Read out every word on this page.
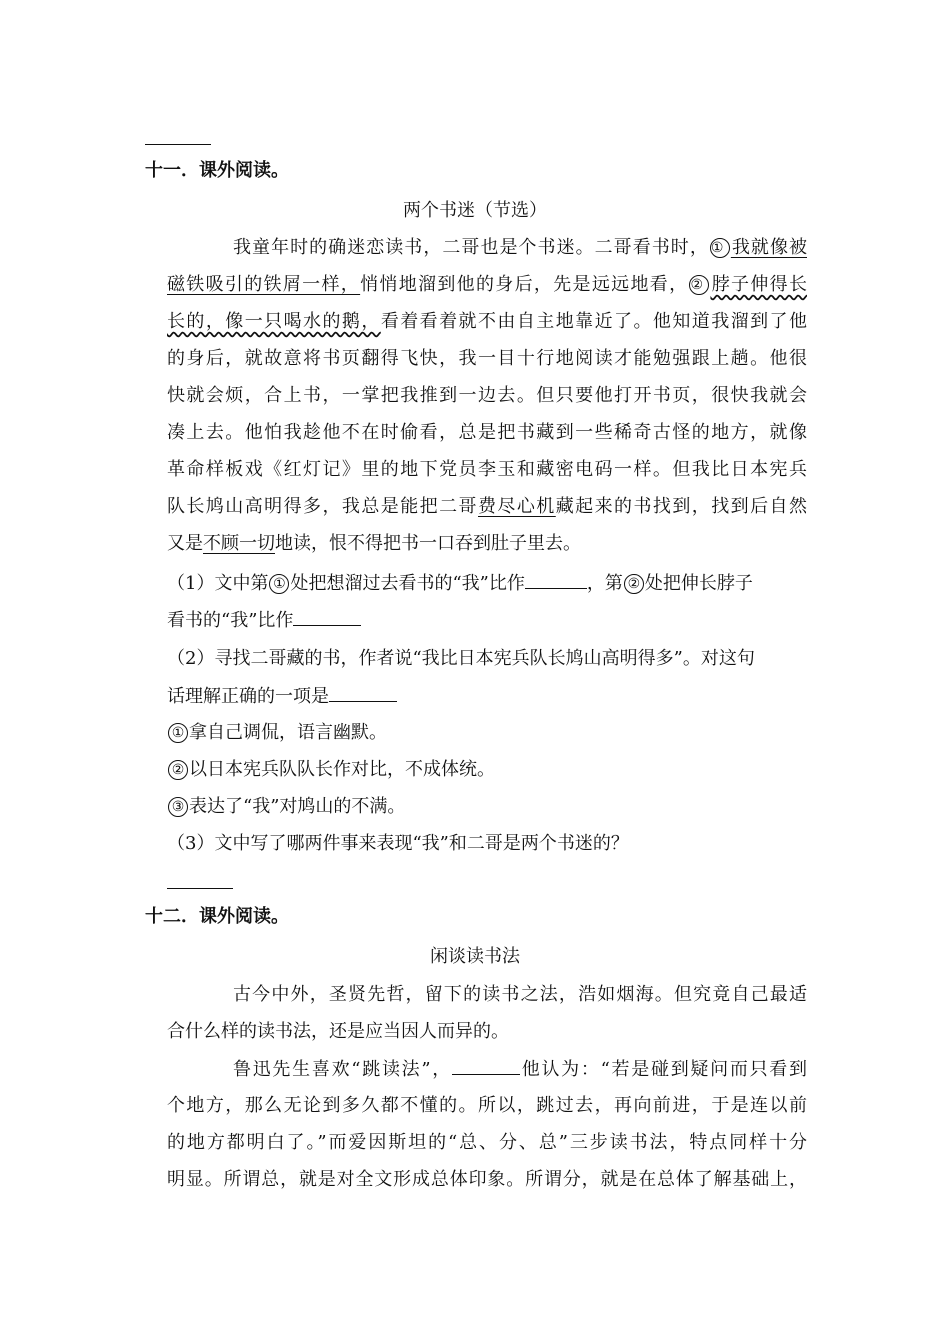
十一．课外阅读。
两个书迷（节选）
我童年时的确迷恋读书，二哥也是个书迷。二哥看书时， ① 我就像被
磁铁吸引的铁屑一样，悄悄地溜到他的身后，先是远远地看， ② 脖子伸得长
长的，像一只喝水的鹅，看着看着就不由自主地靠近了。他知道我溜到了他
的身后，就故意将书页翻得飞快，我一目十行地阅读才能勉强跟上趟。他很
快就会烦，合上书，一掌把我推到一边去。但只要他打开书页，很快我就会
凑上去。他怕我趁他不在时偷看，总是把书藏到一些稀奇古怪的地方，就像
革命样板戏《红灯记》里的地下党员李玉和藏密电码一样。但我比日本宪兵
队长鸠山高明得多，我总是能把二哥费尽心机藏起来的书找到，找到后自然
又是不顾一切地读，恨不得把书一口吞到肚子里去。
（1）文中第 ① 处把想溜过去看书的“我”比作	，第 ② 处把伸长脖子
看书的“我”比作
（2）寻找二哥藏的书，作者说“我比日本宪兵队长鸠山高明得多”。对这句
话理解正确的一项是
① 拿自己调侃，语言幽默。
② 以日本宪兵队队长作对比，不成体统。
③ 表达了“我”对鸠山的不满。
（3）文中写了哪两件事来表现“我”和二哥是两个书迷的？
十二．课外阅读。
闲谈读书法
古今中外，圣贤先哲，留下的读书之法，浩如烟海。但究竟自己最适
合什么样的读书法，还是应当因人而异的。
鲁迅先生喜欢“跳读法”，	他认为：“若是碰到疑问而只看到
个地方，那么无论到多久都不懂的。所以，跳过去，再向前进，于是连以前
的地方都明白了。”而爱因斯坦的“总、分、总”三步读书法，特点同样十分
明显。所谓总，就是对全文形成总体印象。所谓分，就是在总体了解基础上，
